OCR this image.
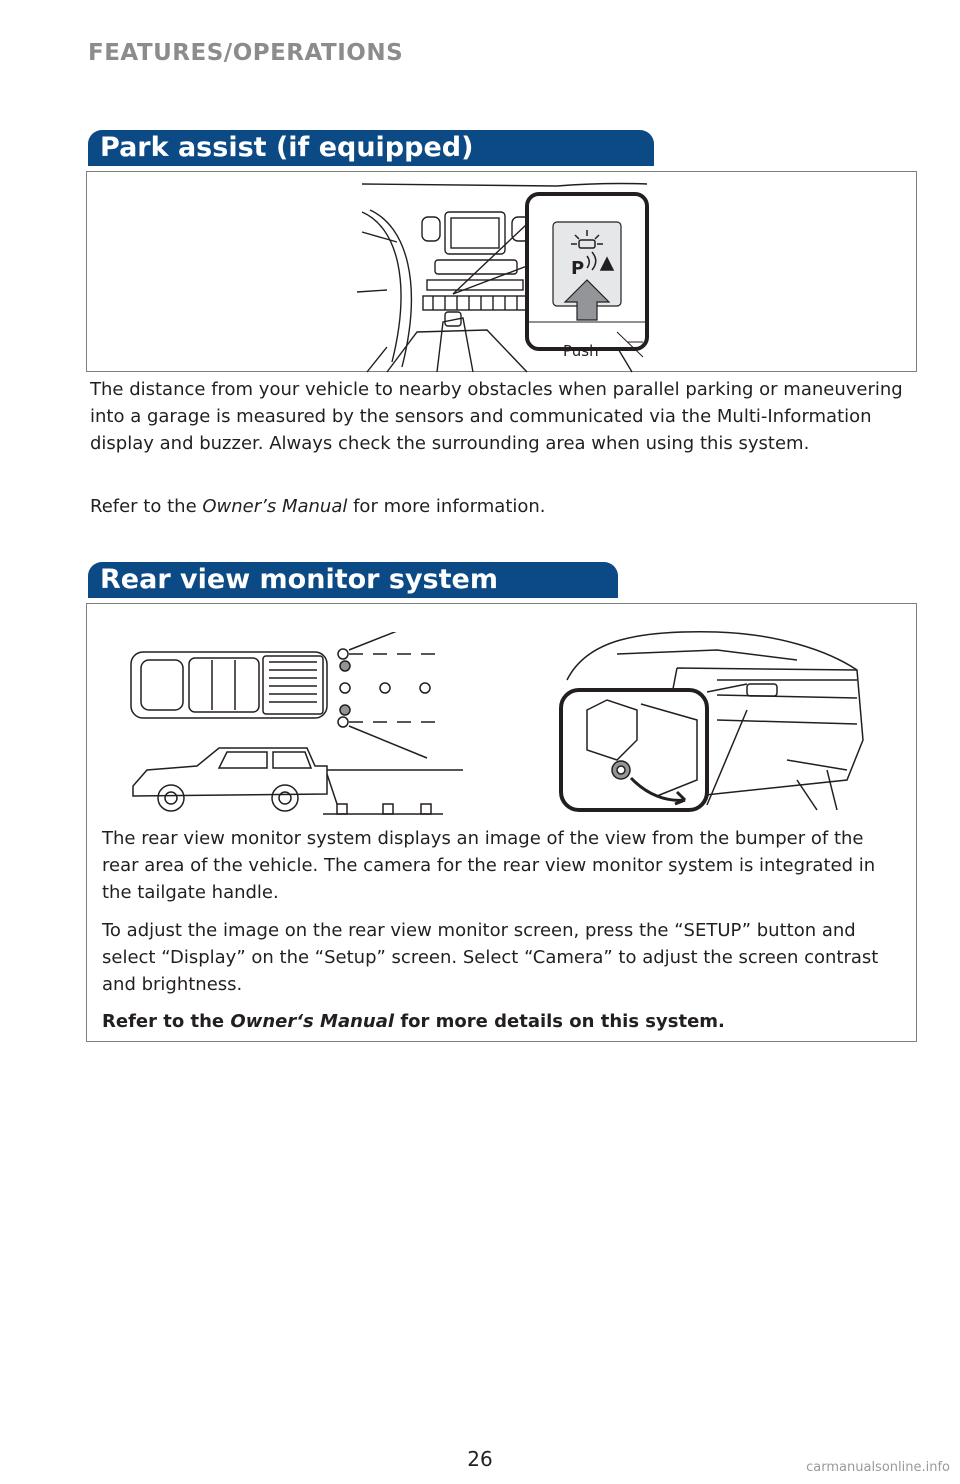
FEATURES/OPERATIONS
Park assist (if equipped)
P
Push

The distance from your vehicle to nearby obstacles when parallel parking or maneuvering into a garage is measured by the sensors and communicated via the Multi-Information display and buzzer. Always check the surrounding area when using this system.

Refer to the Owner’s Manual for more information.

Rear view monitor system

The rear view monitor system displays an image of the view from the bumper of the rear area of the vehicle. The camera for the rear view monitor system is integrated in the tailgate handle.

To adjust the image on the rear view monitor screen, press the “SETUP” button and select “Display” on the “Setup” screen. Select “Camera” to adjust the screen contrast and brightness.

Refer to the Owner‘s Manual for more details on this system.

26	carmanualsonline.info
